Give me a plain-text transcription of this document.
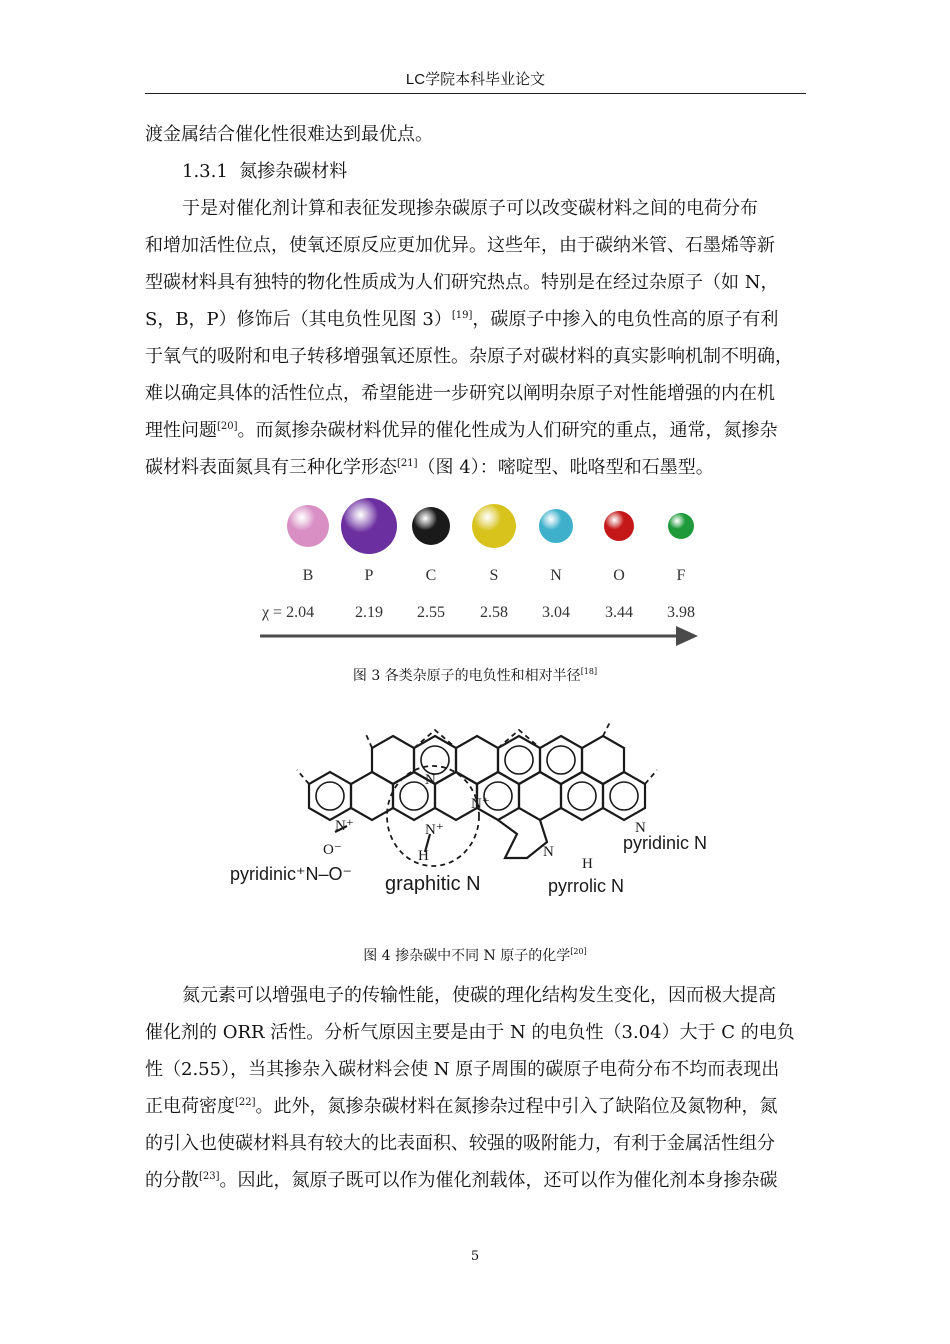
LC学院本科毕业论文
渡金属结合催化性很难达到最优点。
1.3.1 氮掺杂碳材料
于是对催化剂计算和表征发现掺杂碳原子可以改变碳材料之间的电荷分布
和增加活性位点，使氧还原反应更加优异。这些年，由于碳纳米管、石墨烯等新
型碳材料具有独特的物化性质成为人们研究热点。特别是在经过杂原子（如 N，
S，B，P）修饰后（其电负性见图 3）[19]，碳原子中掺入的电负性高的原子有利
于氧气的吸附和电子转移增强氧还原性。杂原子对碳材料的真实影响机制不明确，
难以确定具体的活性位点，希望能进一步研究以阐明杂原子对性能增强的内在机
理性问题[20]。而氮掺杂碳材料优异的催化性成为人们研究的重点，通常，氮掺杂
碳材料表面氮具有三种化学形态[21]（图 4）：嘧啶型、吡咯型和石墨型。
B
χ = 2.04
P
2.19
C
2.55
S
2.58
N
3.04
O
3.44
F
3.98
图 3 各类杂原子的电负性和相对半径[18]
N⁺
O⁻
N
N⁺
H
N⁺
N
H
N
pyridinic⁺N–O⁻ graphitic N	pyrrolic N
pyridinic N
图 4 掺杂碳中不同 N 原子的化学[20]
氮元素可以增强电子的传输性能，使碳的理化结构发生变化，因而极大提高
催化剂的 ORR 活性。分析气原因主要是由于 N 的电负性（3.04）大于 C 的电负
性（2.55），当其掺杂入碳材料会使 N 原子周围的碳原子电荷分布不均而表现出
正电荷密度[22]。此外，氮掺杂碳材料在氮掺杂过程中引入了缺陷位及氮物种，氮
的引入也使碳材料具有较大的比表面积、较强的吸附能力，有利于金属活性组分
的分散[23]。因此，氮原子既可以作为催化剂载体，还可以作为催化剂本身掺杂碳
5
